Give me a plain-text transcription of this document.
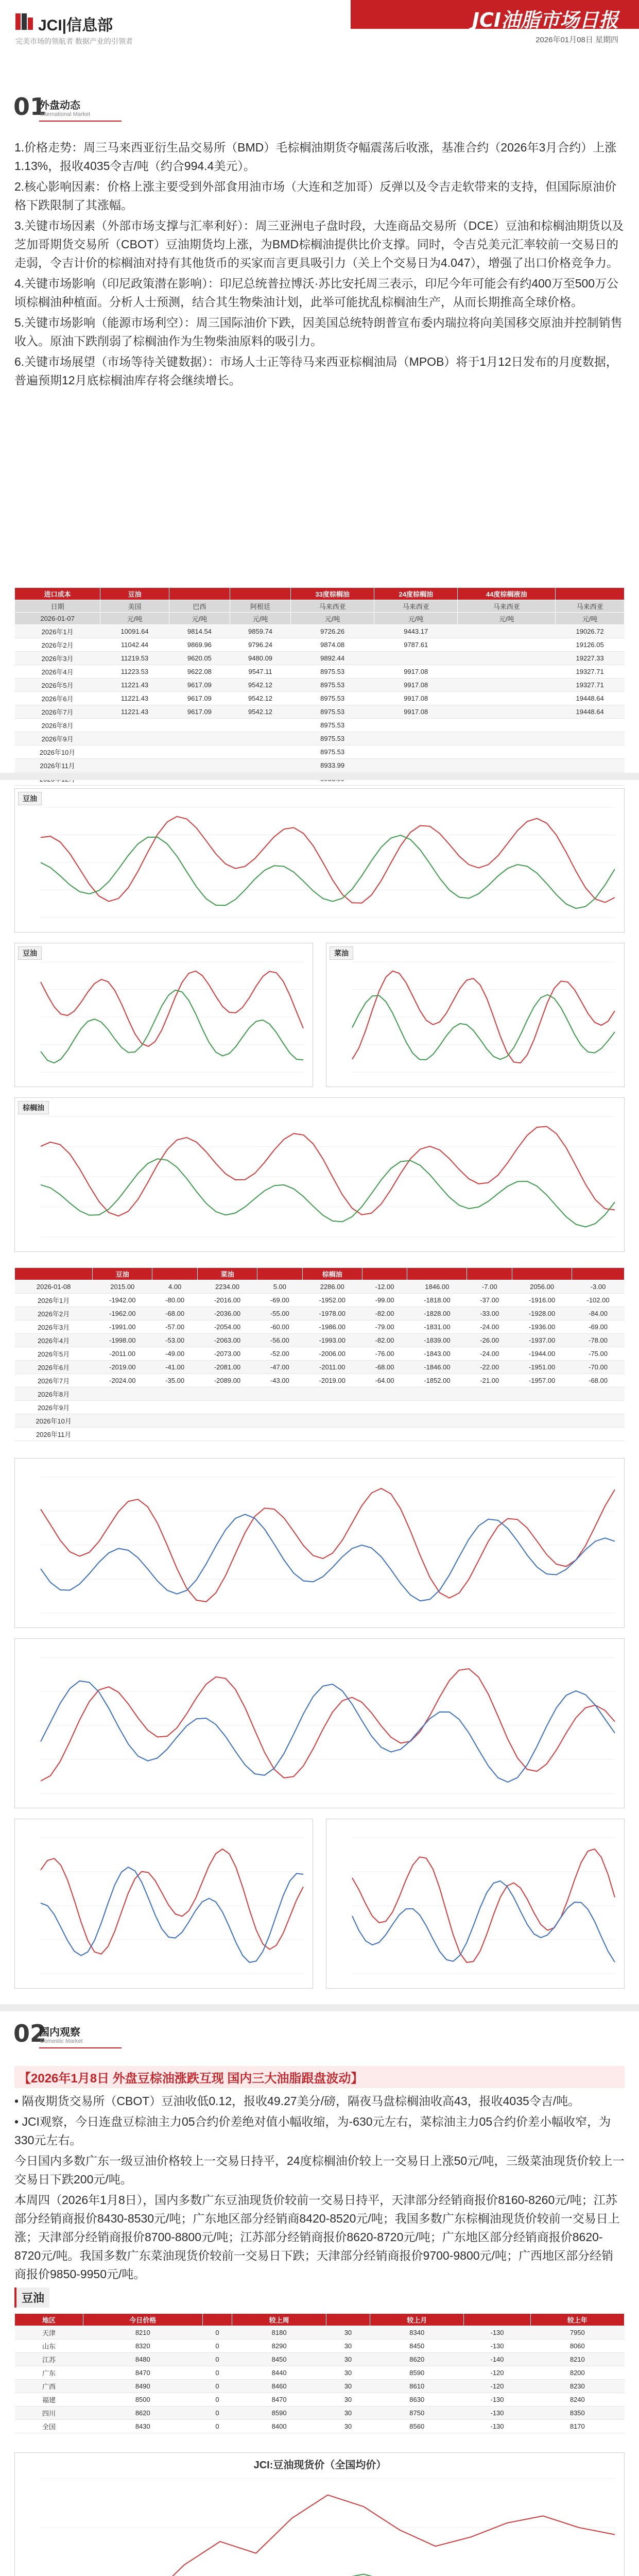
JCI|信息部
完美市场的领航者 数据产业的引领者
JCI油脂市场日报
2026年01月08日 星期四
01
外盘动态
International Market

1.价格走势：周三马来西亚衍生品交易所（BMD）毛棕榈油期货夺幅震荡后收涨，基准合约（2026年3月合约）上涨1.13%，报收4035令吉/吨（约合994.4美元）。

2.核心影响因素：价格上涨主要受到外部食用油市场（大连和芝加哥）反弹以及令吉走软带来的支持，但国际原油价格下跌限制了其涨幅。

3.关键市场因素（外部市场支撑与汇率利好）：周三亚洲电子盘时段，大连商品交易所（DCE）豆油和棕榈油期货以及芝加哥期货交易所（CBOT）豆油期货均上涨，为BMD棕榈油提供比价支撑。同时，令吉兑美元汇率较前一交易日的走弱，令吉计价的棕榈油对持有其他货币的买家而言更具吸引力（关上个交易日为4.047），增强了出口价格竞争力。

4.关键市场影响（印尼政策潜在影响）：印尼总统普拉博沃·苏比安托周三表示，印尼今年可能会有约400万至500万公顷棕榈油种植面。分析人士预测，结合其生物柴油计划，此举可能扰乱棕榈油生产，从而长期推高全球价格。

5.关键市场影响（能源市场利空）：周三国际油价下跌，因美国总统特朗普宣布委内瑞拉将向美国移交原油并控制销售收入。原油下跌削弱了棕榈油作为生物柴油原料的吸引力。

6.关键市场展望（市场等待关键数据）：市场人士正等待马来西亚棕榈油局（MPOB）将于1月12日发布的月度数据，普遍预期12月底棕榈油库存将会继续增长。

进口成本	豆油			33度棕榈油	24度棕榈油	44度棕榈液油	
日期	美国	巴西	阿根廷	马来西亚	马来西亚	马来西亚	马来西亚
2026-01-07	元/吨	元/吨	元/吨	元/吨	元/吨	元/吨	元/吨
2026年1月	10091.64	9814.54	9859.74	9726.26	9443.17		19026.72
2026年2月	11042.44	9869.96	9796.24	9874.08	9787.61		19126.05
2026年3月	11219.53	9620.05	9480.09	9892.44			19227.33
2026年4月	11223.53	9622.08	9547.11	8975.53	9917.08		19327.71
2026年5月	11221.43	9617.09	9542.12	8975.53	9917.08		19327.71
2026年6月	11221.43	9617.09	9542.12	8975.53	9917.08		19448.64
2026年7月	11221.43	9617.09	9542.12	8975.53	9917.08		19448.64
2026年8月				8975.53			
2026年9月				8975.53			
2026年10月				8975.53			
2026年11月				8933.99			

豆油
豆油	菜油
棕榈油
	豆油		菜油		棕榈油					
2026-01-08	2015.00	4.00	2234.00	5.00	2286.00	-12.00	1846.00	-7.00	2056.00	-3.00
2026年1月	-1942.00	-80.00	-2016.00	-69.00	-1952.00	-99.00	-1818.00	-37.00	-1916.00	-102.00
2026年2月	-1962.00	-68.00	-2036.00	-55.00	-1978.00	-82.00	-1828.00	-33.00	-1928.00	-84.00
2026年3月	-1991.00	-57.00	-2054.00	-60.00	-1986.00	-79.00	-1831.00	-24.00	-1936.00	-69.00
2026年4月	-1998.00	-53.00	-2063.00	-56.00	-1993.00	-82.00	-1839.00	-26.00	-1937.00	-78.00
2026年5月	-2011.00	-49.00	-2073.00	-52.00	-2006.00	-76.00	-1843.00	-24.00	-1944.00	-75.00
2026年6月	-2019.00	-41.00	-2081.00	-47.00	-2011.00	-68.00	-1846.00	-22.00	-1951.00	-70.00
2026年7月	-2024.00	-35.00	-2089.00	-43.00	-2019.00	-64.00	-1852.00	-21.00	-1957.00	-68.00
2026年8月										
2026年9月										
2026年10月										
2026年11月										
02
国内观察
Domestic Market
【2026年1月8日 外盘豆棕油涨跌互现 国内三大油脂跟盘波动】

• 隔夜期货交易所（CBOT）豆油收低0.12，报收49.27美分/磅，隔夜马盘棕榈油收高43，报收4035令吉/吨。

• JCI观察，今日连盘豆棕油主力05合约价差绝对值小幅收缩，为-630元左右，菜棕油主力05合约价差小幅收窄，为330元左右。

今日国内多数广东一级豆油价格较上一交易日持平，24度棕榈油价较上一交易日上涨50元/吨，三级菜油现货价较上一交易日下跌200元/吨。

本周四（2026年1月8日），国内多数广东豆油现货价较前一交易日持平，天津部分经销商报价8160-8260元/吨；江苏部分经销商报价8430-8530元/吨；广东地区部分经销商8420-8520元/吨；我国多数广东棕榈油现货价较前一交易日上涨；天津部分经销商报价8700-8800元/吨；江苏部分经销商报价8620-8720元/吨；广东地区部分经销商报价8620-8720元/吨。我国多数广东菜油现货价较前一交易日下跌；天津部分经销商报价9700-9800元/吨；广西地区部分经销商报价9850-9950元/吨。

豆油
地区	今日价格		较上周		较上月		较上年
天津	8210	0	8180	30	8340	-130	7950
山东	8320	0	8290	30	8450	-130	8060
江苏	8480	0	8450	30	8620	-140	8210
广东	8470	0	8440	30	8590	-120	8200
广西	8490	0	8460	30	8610	-120	8230
福建	8500	0	8470	30	8630	-130	8240
四川	8620	0	8590	30	8750	-130	8350
全国	8430	0	8400	30	8560	-130	8170
JCI:豆油现货价（全国均价）
